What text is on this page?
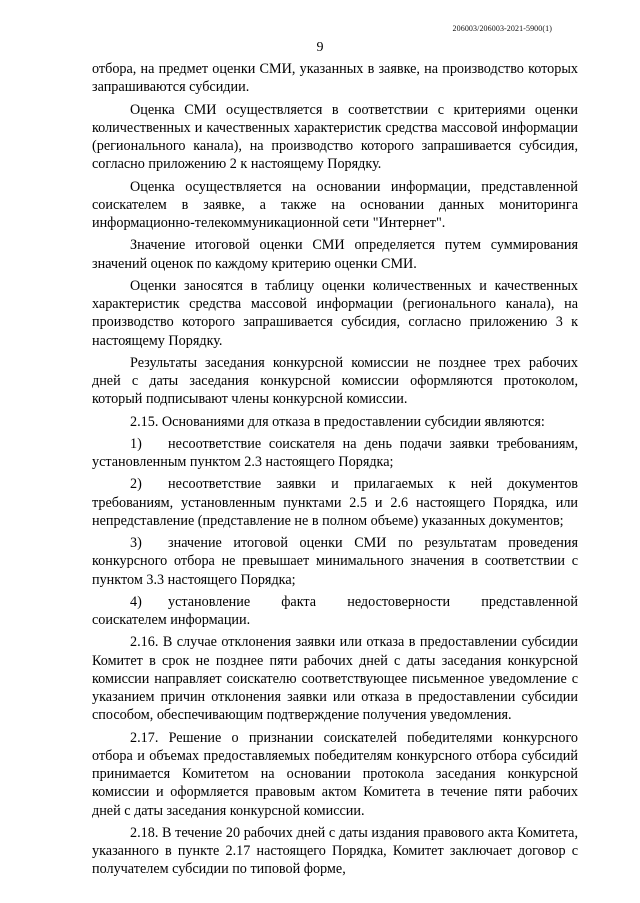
206003/206003-2021-5900(1)
9

отбора, на предмет оценки СМИ, указанных в заявке, на производство которых запрашиваются субсидии.

Оценка СМИ осуществляется в соответствии с критериями оценки количественных и качественных характеристик средства массовой информации (регионального канала), на производство которого запрашивается субсидия, согласно приложению 2 к настоящему Порядку.

Оценка осуществляется на основании информации, представленной соискателем в заявке, а также на основании данных мониторинга информационно-телекоммуникационной сети "Интернет".

Значение итоговой оценки СМИ определяется путем суммирования значений оценок по каждому критерию оценки СМИ.

Оценки заносятся в таблицу оценки количественных и качественных характеристик средства массовой информации (регионального канала), на производство которого запрашивается субсидия, согласно приложению 3 к настоящему Порядку.

Результаты заседания конкурсной комиссии не позднее трех рабочих дней с даты заседания конкурсной комиссии оформляются протоколом, который подписывают члены конкурсной комиссии.

2.15. Основаниями для отказа в предоставлении субсидии являются:

1)	несоответствие соискателя на день подачи заявки требованиям,

установленным пунктом 2.3 настоящего Порядка;

2)	несоответствие заявки и прилагаемых к ней документов

требованиям, установленным пунктами 2.5 и 2.6 настоящего Порядка, или непредставление (представление не в полном объеме) указанных документов;

3)	значение итоговой оценки СМИ по результатам проведения

конкурсного отбора не превышает минимального значения в соответствии с пунктом 3.3 настоящего Порядка;

4)	установление факта недостоверности представленной

соискателем информации.

2.16. В случае отклонения заявки или отказа в предоставлении субсидии Комитет в срок не позднее пяти рабочих дней с даты заседания конкурсной комиссии направляет соискателю соответствующее письменное уведомление с указанием причин отклонения заявки или отказа в предоставлении субсидии способом, обеспечивающим подтверждение получения уведомления.

2.17. Решение о признании соискателей победителями конкурсного отбора и объемах предоставляемых победителям конкурсного отбора субсидий принимается Комитетом на основании протокола заседания конкурсной комиссии и оформляется правовым актом Комитета в течение пяти рабочих дней с даты заседания конкурсной комиссии.

2.18. В течение 20 рабочих дней с даты издания правового акта Комитета, указанного в пункте 2.17 настоящего Порядка, Комитет заключает договор с получателем субсидии по типовой форме,
